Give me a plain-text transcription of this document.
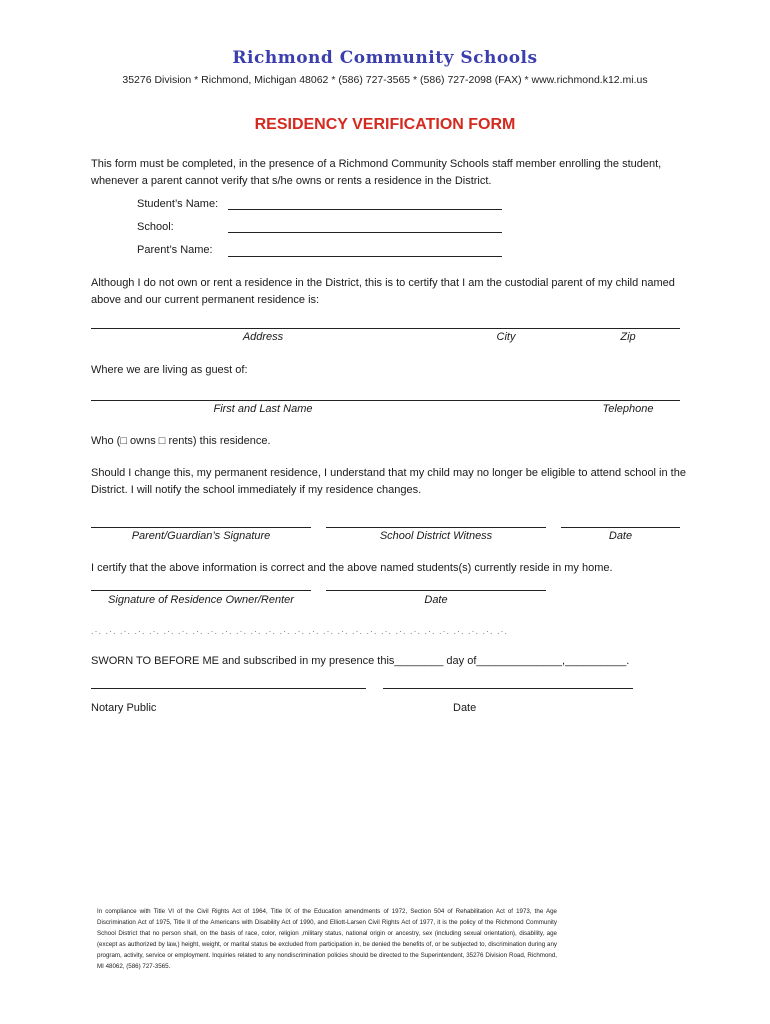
Richmond Community Schools
35276 Division * Richmond, Michigan 48062 * (586) 727-3565 * (586) 727-2098 (FAX) * www.richmond.k12.mi.us
RESIDENCY VERIFICATION FORM
This form must be completed, in the presence of a Richmond Community Schools staff member enrolling the student, whenever a parent cannot verify that s/he owns or rents a residence in the District.
Student’s Name:
School:
Parent’s Name:
Although I do not own or rent a residence in the District, this is to certify that I am the custodial parent of my child named above and our current permanent residence is:
Address	City	Zip
Where we are living as guest of:
First and Last Name	Telephone
Who (□ owns □ rents) this residence.
Should I change this, my permanent residence, I understand that my child may no longer be eligible to attend school in the District. I will notify the school immediately if my residence changes.
Parent/Guardian’s Signature	School District Witness	Date
I certify that the above information is correct and the above named students(s) currently reside in my home.
Signature of Residence Owner/Renter	Date
.·. .·. .·. .·. .·. .·. .·. .·. .·. .·. .·. .·. .·. .·. .·. .·. .·. .·. .·. .·. .·. .·. .·. .·. .·. .·. .·. .·. .·.
SWORN TO BEFORE ME and subscribed in my presence this________ day of______________,__________.
Notary Public	Date
In compliance with Title VI of the Civil Rights Act of 1964, Title IX of the Education amendments of 1972, Section 504 of Rehabilitation Act of 1973, the Age Discrimination Act of 1975, Title II of the Americans with Disability Act of 1990, and Elliott-Larsen Civil Rights Act of 1977, it is the policy of the Richmond Community School District that no person shall, on the basis of race, color, religion ,military status, national origin or ancestry, sex (including sexual orientation), disability, age (except as authorized by law,) height, weight, or marital status be excluded from participation in, be denied the benefits of, or be subjected to, discrimination during any program, activity, service or employment. Inquiries related to any nondiscrimination policies should be directed to the Superintendent, 35276 Division Road, Richmond, MI 48062, (586) 727-3565.
